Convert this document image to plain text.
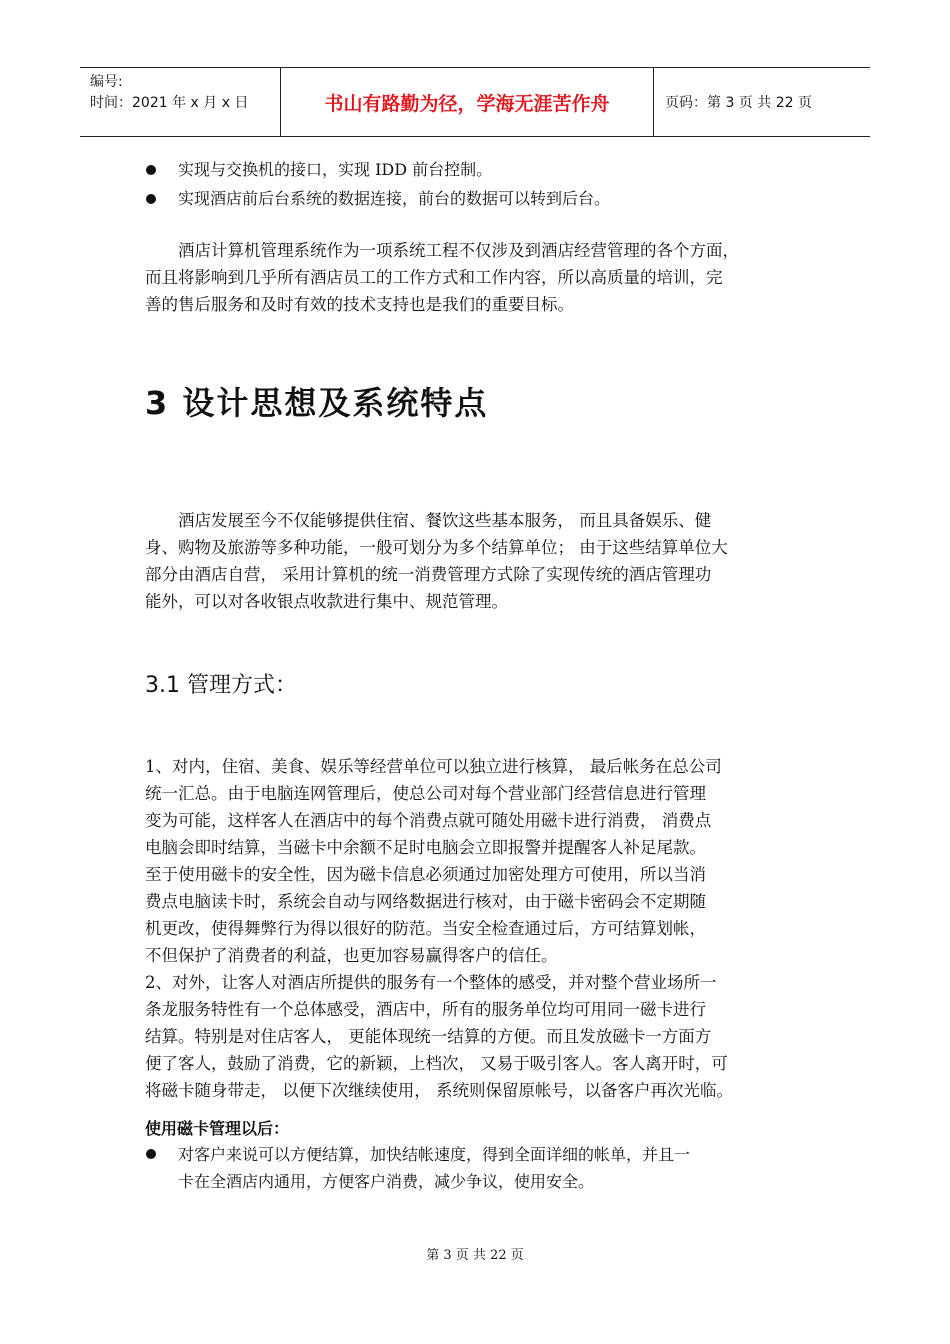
编号:
时间：2021 年 x 月 x 日	书山有路勤为径，学海无涯苦作舟	页码：第 3 页 共 22 页
实现与交换机的接口，实现 IDD 前台控制。
实现酒店前后台系统的数据连接，前台的数据可以转到后台。
酒店计算机管理系统作为一项系统工程不仅涉及到酒店经营管理的各个方面，
而且将影响到几乎所有酒店员工的工作方式和工作内容，所以高质量的培训，完
善的售后服务和及时有效的技术支持也是我们的重要目标。
3 设计思想及系统特点
酒店发展至今不仅能够提供住宿、餐饮这些基本服务， 而且具备娱乐、健
身、购物及旅游等多种功能，一般可划分为多个结算单位； 由于这些结算单位大
部分由酒店自营， 采用计算机的统一消费管理方式除了实现传统的酒店管理功
能外，可以对各收银点收款进行集中、规范管理。
3.1 管理方式：
1、对内，住宿、美食、娱乐等经营单位可以独立进行核算， 最后帐务在总公司
统一汇总。由于电脑连网管理后，使总公司对每个营业部门经营信息进行管理
变为可能，这样客人在酒店中的每个消费点就可随处用磁卡进行消费， 消费点
电脑会即时结算，当磁卡中余额不足时电脑会立即报警并提醒客人补足尾款。
至于使用磁卡的安全性，因为磁卡信息必须通过加密处理方可使用，所以当消
费点电脑读卡时，系统会自动与网络数据进行核对，由于磁卡密码会不定期随
机更改，使得舞弊行为得以很好的防范。当安全检查通过后，方可结算划帐，
不但保护了消费者的利益，也更加容易赢得客户的信任。
2、对外，让客人对酒店所提供的服务有一个整体的感受，并对整个营业场所一
条龙服务特性有一个总体感受，酒店中，所有的服务单位均可用同一磁卡进行
结算。特别是对住店客人， 更能体现统一结算的方便。而且发放磁卡一方面方
便了客人，鼓励了消费，它的新颖，上档次， 又易于吸引客人。客人离开时，可
将磁卡随身带走， 以便下次继续使用， 系统则保留原帐号，以备客户再次光临。
使用磁卡管理以后：
对客户来说可以方便结算，加快结帐速度，得到全面详细的帐单，并且一
卡在全酒店内通用，方便客户消费，减少争议，使用安全。
第 3 页 共 22 页
